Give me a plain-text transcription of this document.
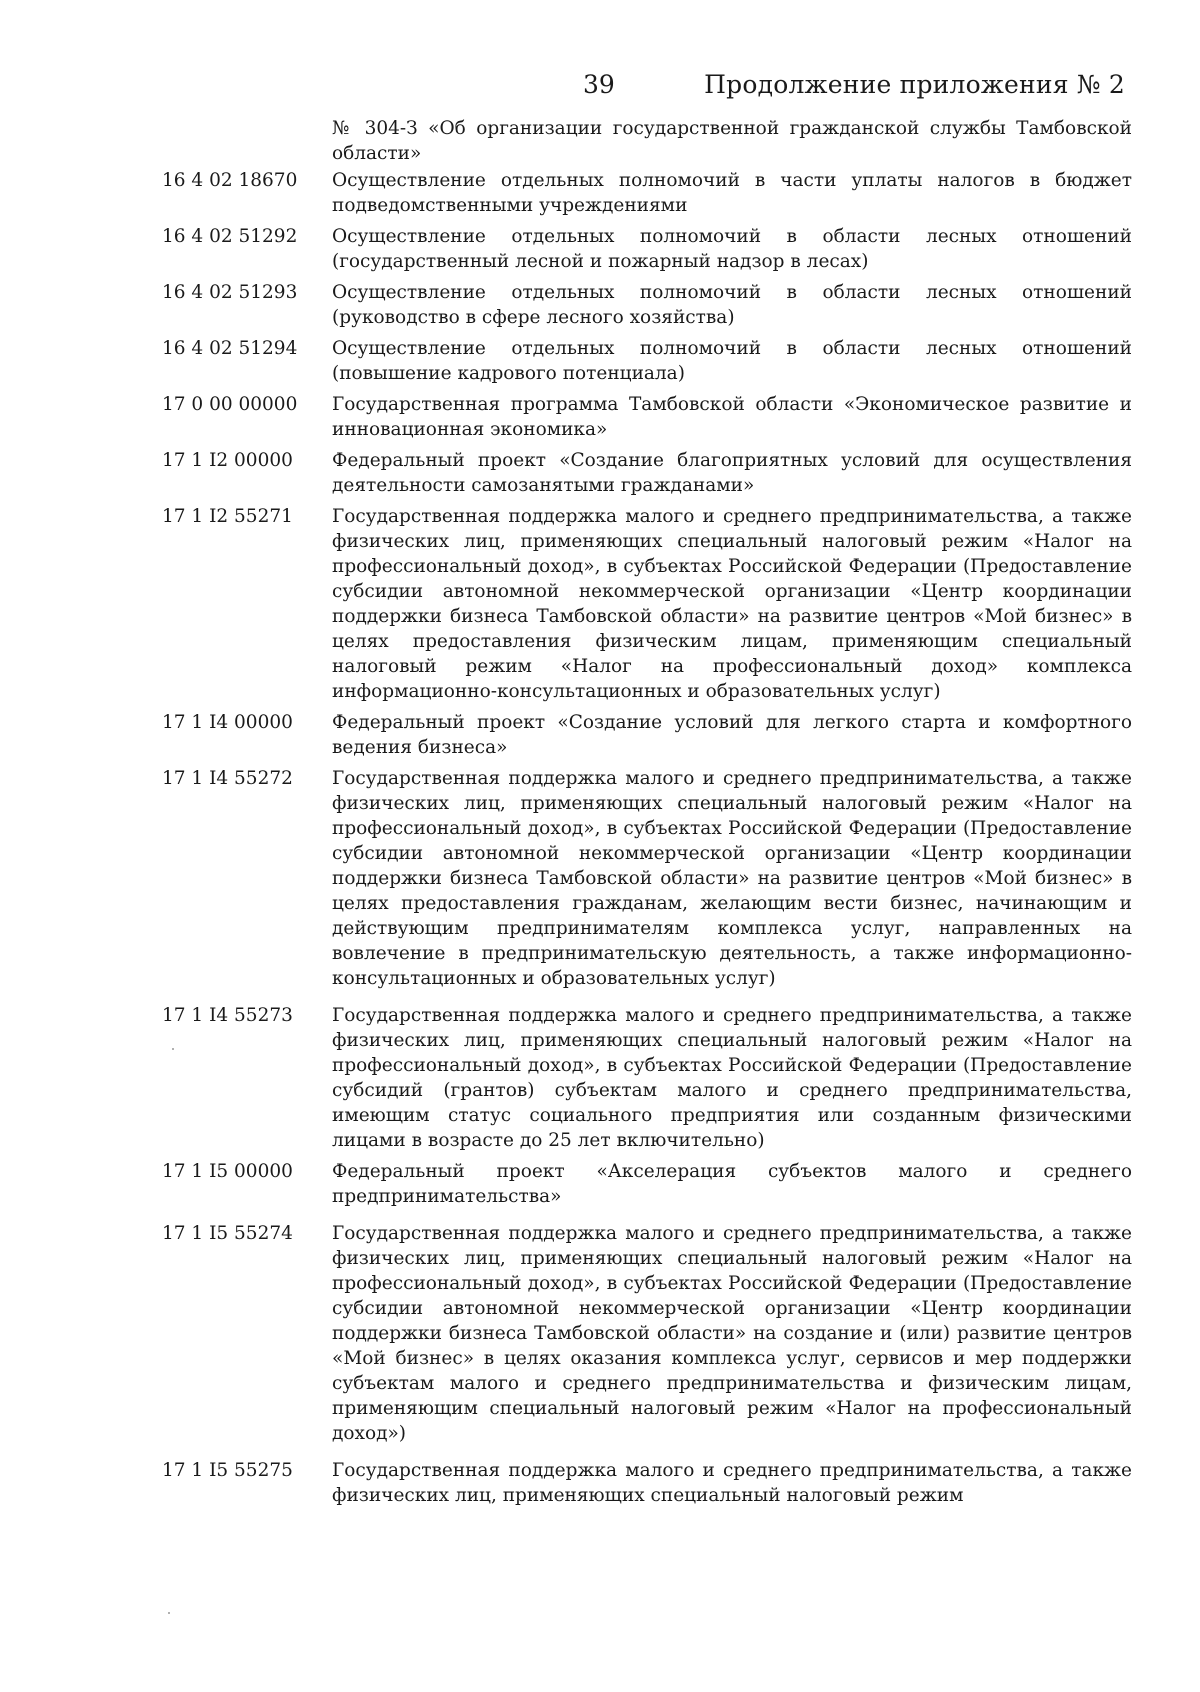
39	Продолжение приложения № 2
№ 304-З «Об организации государственной гражданской службы Тамбовской области»
16 4 02 18670	Осуществление отдельных полномочий в части уплаты налогов в бюджет подведомственными учреждениями
16 4 02 51292	Осуществление отдельных полномочий в области лесных отношений (государственный лесной и пожарный надзор в лесах)
16 4 02 51293	Осуществление отдельных полномочий в области лесных отношений (руководство в сфере лесного хозяйства)
16 4 02 51294	Осуществление отдельных полномочий в области лесных отношений (повышение кадрового потенциала)
17 0 00 00000	Государственная программа Тамбовской области «Экономическое развитие и инновационная экономика»
17 1 I2 00000	Федеральный проект «Создание благоприятных условий для осуществления деятельности самозанятыми гражданами»
17 1 I2 55271	Государственная поддержка малого и среднего предпринимательства, а также физических лиц, применяющих специальный налоговый режим «Налог на профессиональный доход», в субъектах Российской Федерации (Предоставление субсидии автономной некоммерческой организации «Центр координации поддержки бизнеса Тамбовской области» на развитие центров «Мой бизнес» в целях предоставления физическим лицам, применяющим специальный налоговый режим «Налог на профессиональный доход» комплекса информационно-консультационных и образовательных услуг)
17 1 I4 00000	Федеральный проект «Создание условий для легкого старта и комфортного ведения бизнеса»
17 1 I4 55272	Государственная поддержка малого и среднего предпринимательства, а также физических лиц, применяющих специальный налоговый режим «Налог на профессиональный доход», в субъектах Российской Федерации (Предоставление субсидии автономной некоммерческой организации «Центр координации поддержки бизнеса Тамбовской области» на развитие центров «Мой бизнес» в целях предоставления гражданам, желающим вести бизнес, начинающим и действующим предпринимателям комплекса услуг, направленных на вовлечение в предпринимательскую деятельность, а также информационно-консультационных и образовательных услуг)
17 1 I4 55273	Государственная поддержка малого и среднего предпринимательства, а также физических лиц, применяющих специальный налоговый режим «Налог на профессиональный доход», в субъектах Российской Федерации (Предоставление субсидий (грантов) субъектам малого и среднего предпринимательства, имеющим статус социального предприятия или созданным физическими лицами в возрасте до 25 лет включительно)
17 1 I5 00000	Федеральный проект «Акселерация субъектов малого и среднего предпринимательства»
17 1 I5 55274	Государственная поддержка малого и среднего предпринимательства, а также физических лиц, применяющих специальный налоговый режим «Налог на профессиональный доход», в субъектах Российской Федерации (Предоставление субсидии автономной некоммерческой организации «Центр координации поддержки бизнеса Тамбовской области» на создание и (или) развитие центров «Мой бизнес» в целях оказания комплекса услуг, сервисов и мер поддержки субъектам малого и среднего предпринимательства и физическим лицам, применяющим специальный налоговый режим «Налог на профессиональный доход»)
17 1 I5 55275	Государственная поддержка малого и среднего предпринимательства, а также физических лиц, применяющих специальный налоговый режим
